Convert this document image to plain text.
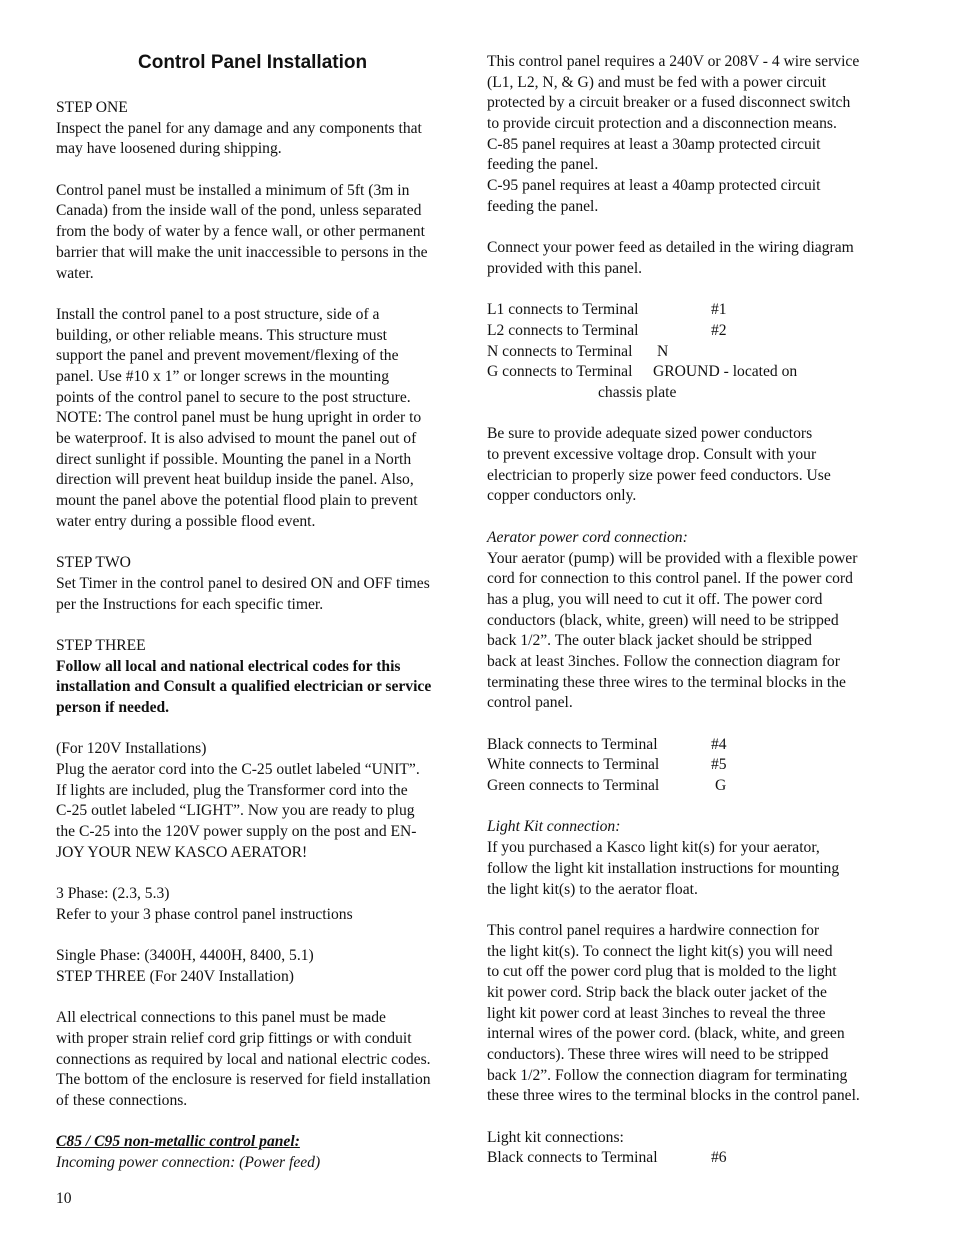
Control Panel Installation
STEP ONE
Inspect the panel for any damage and any components that
may have loosened during shipping.
Control panel must be installed a minimum of 5ft (3m in
Canada) from the inside wall of the pond, unless separated
from the body of water by a fence wall, or other permanent
barrier that will make the unit inaccessible to persons in the
water.
Install the control panel to a post structure, side of a
building, or other reliable means. This structure must
support the panel and prevent movement/flexing of the
panel. Use #10 x 1” or longer screws in the mounting
points of the control panel to secure to the post structure.
NOTE: The control panel must be hung upright in order to
be waterproof. It is also advised to mount the panel out of
direct sunlight if possible. Mounting the panel in a North
direction will prevent heat buildup inside the panel. Also,
mount the panel above the potential flood plain to prevent
water entry during a possible flood event.
STEP TWO
Set Timer in the control panel to desired ON and OFF times
per the Instructions for each specific timer.
STEP THREE
Follow all local and national electrical codes for this
installation and Consult a qualified electrician or service
person if needed.
(For 120V Installations)
Plug the aerator cord into the C-25 outlet labeled “UNIT”.
If lights are included, plug the Transformer cord into the
C-25 outlet labeled “LIGHT”. Now you are ready to plug
the C-25 into the 120V power supply on the post and EN-
JOY YOUR NEW KASCO AERATOR!
3 Phase: (2.3, 5.3)
Refer to your 3 phase control panel instructions
Single Phase: (3400H, 4400H, 8400, 5.1)
STEP THREE (For 240V Installation)
All electrical connections to this panel must be made
with proper strain relief cord grip fittings or with conduit
connections as required by local and national electric codes.
The bottom of the enclosure is reserved for field installation
of these connections.
C85 / C95 non-metallic control panel:
Incoming power connection: (Power feed)
This control panel requires a 240V or 208V - 4 wire service
(L1, L2, N, & G) and must be fed with a power circuit
protected by a circuit breaker or a fused disconnect switch
to provide circuit protection and a disconnection means.
C-85 panel requires at least a 30amp protected circuit
feeding the panel.
C-95 panel requires at least a 40amp protected circuit
feeding the panel.
Connect your power feed as detailed in the wiring diagram
provided with this panel.
L1 connects to Terminal	#1
L2 connects to Terminal	#2
N connects to Terminal N
G connects to Terminal GROUND - located on
chassis plate
Be sure to provide adequate sized power conductors
to prevent excessive voltage drop. Consult with your
electrician to properly size power feed conductors. Use
copper conductors only.
Aerator power cord connection:
Your aerator (pump) will be provided with a flexible power
cord for connection to this control panel. If the power cord
has a plug, you will need to cut it off. The power cord
conductors (black, white, green) will need to be stripped
back 1/2”. The outer black jacket should be stripped
back at least 3inches. Follow the connection diagram for
terminating these three wires to the terminal blocks in the
control panel.
Black connects to Terminal	#4
White connects to Terminal	#5
Green connects to Terminal	G
Light Kit connection:
If you purchased a Kasco light kit(s) for your aerator,
follow the light kit installation instructions for mounting
the light kit(s) to the aerator float.
This control panel requires a hardwire connection for
the light kit(s). To connect the light kit(s) you will need
to cut off the power cord plug that is molded to the light
kit power cord. Strip back the black outer jacket of the
light kit power cord at least 3inches to reveal the three
internal wires of the power cord. (black, white, and green
conductors). These three wires will need to be stripped
back 1/2”. Follow the connection diagram for terminating
these three wires to the terminal blocks in the control panel.
Light kit connections:
Black connects to Terminal	#6
10
